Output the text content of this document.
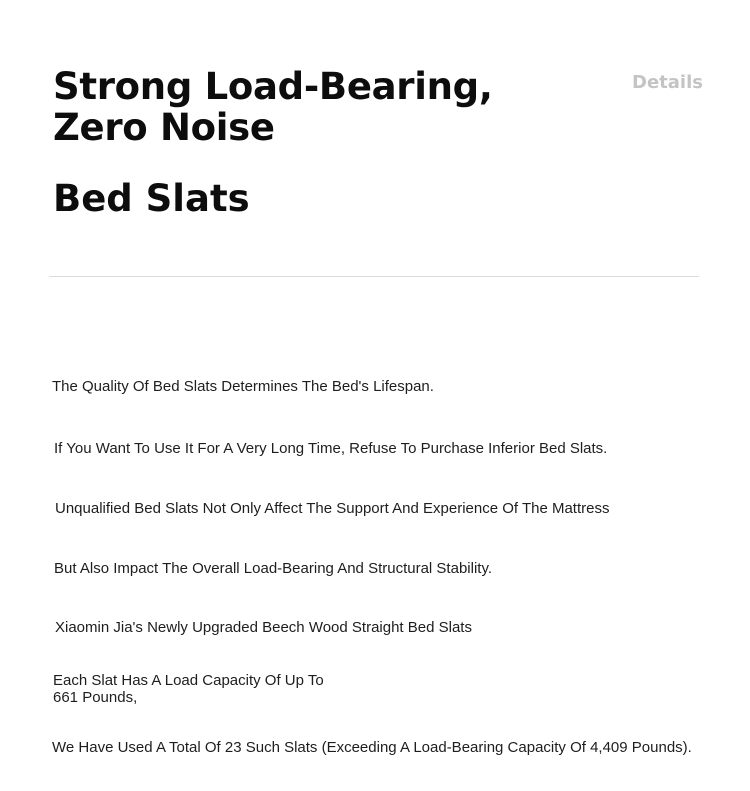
Strong Load-Bearing, Zero Noise
Bed Slats
Details

The Quality Of Bed Slats Determines The Bed's Lifespan.

If You Want To Use It For A Very Long Time, Refuse To Purchase Inferior Bed Slats.

Unqualified Bed Slats Not Only Affect The Support And Experience Of The Mattress

But Also Impact The Overall Load-Bearing And Structural Stability.

Xiaomin Jia's Newly Upgraded Beech Wood Straight Bed Slats

Each Slat Has A Load Capacity Of Up To 661 Pounds,

We Have Used A Total Of 23 Such Slats (Exceeding A Load-Bearing Capacity Of 4,409 Pounds).
